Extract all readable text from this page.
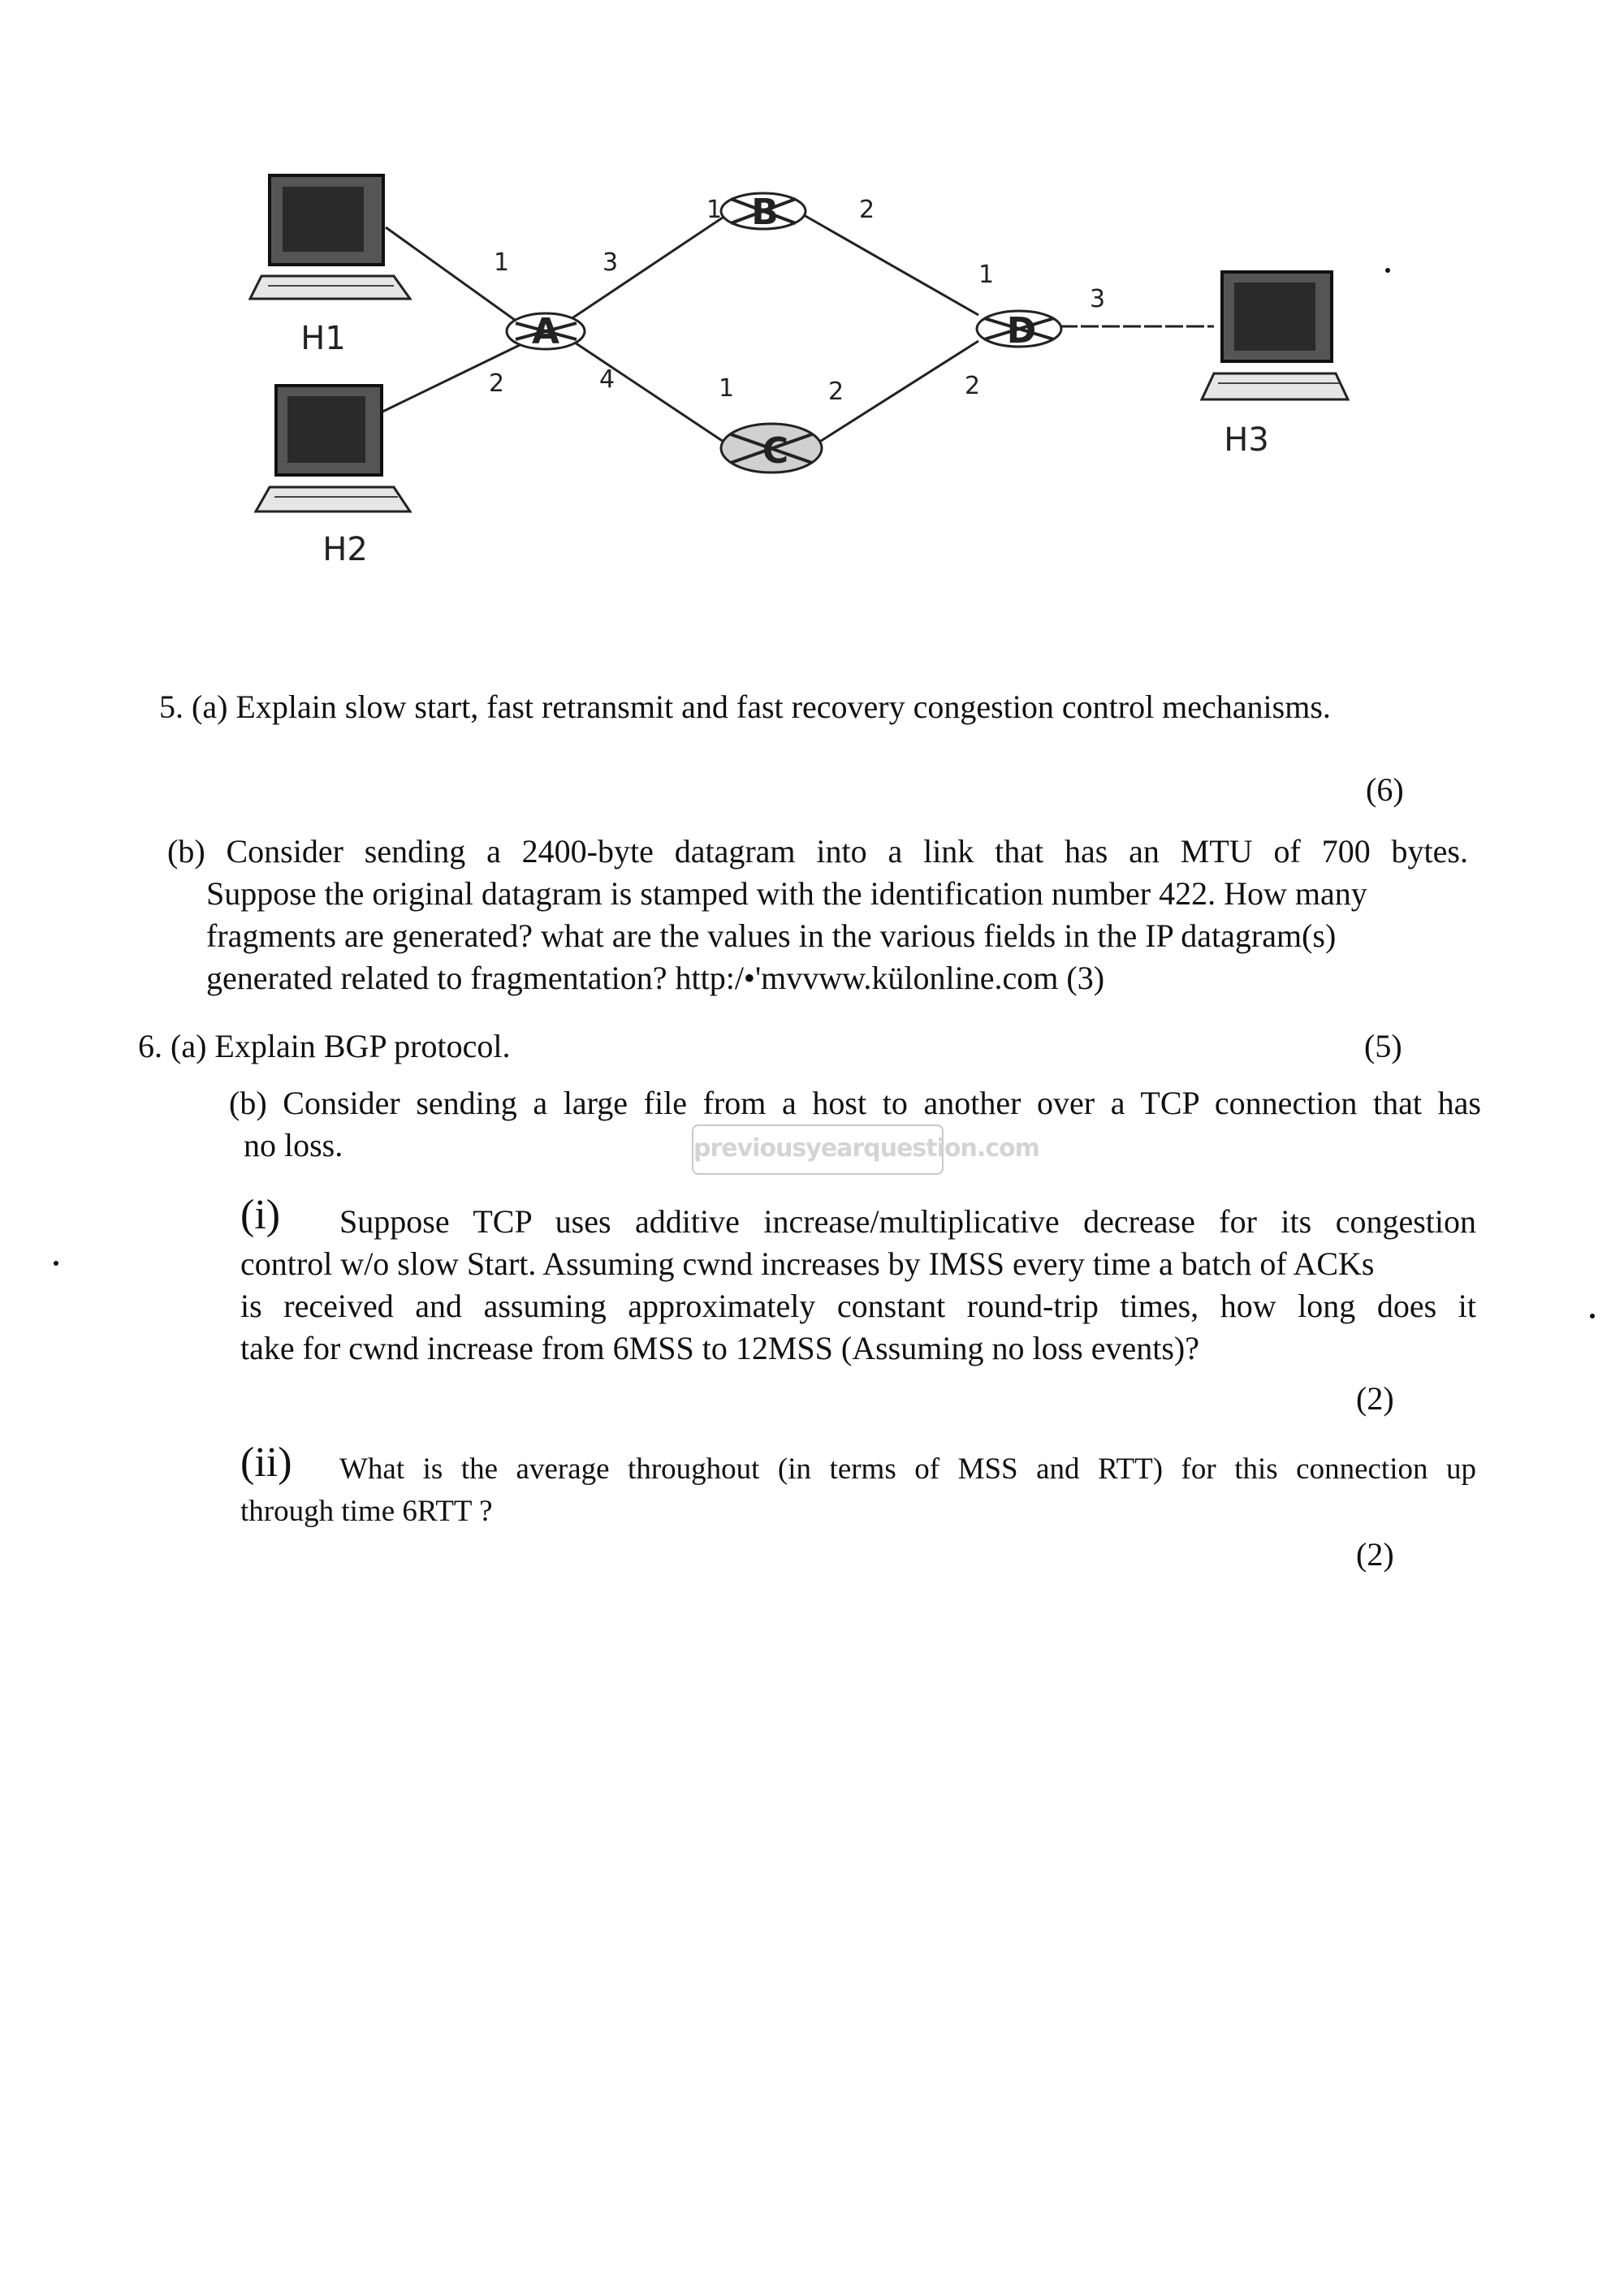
H1
H2
H3
A
B
C
D
1
2
3
4
1	2
1	2
1
2
3
5. (a) Explain slow start, fast retransmit and fast recovery congestion control mechanisms.
(6)
(b) Consider sending a 2400-byte datagram into a link that has an MTU of 700 bytes.
Suppose the original datagram is stamped with the identification number 422. How many
fragments are generated? what are the values in the various fields in the IP datagram(s)
generated related to fragmentation? http:/•'mvvww.külonline.com (3)
6. (a) Explain BGP protocol.	(5)
(b) Consider sending a large file from a host to another over a TCP connection that has
no loss.	previousyearquestion.com
(i) Suppose TCP uses additive increase/multiplicative decrease for its congestion
control w/o slow Start. Assuming cwnd increases by IMSS every time a batch of ACKs
is received and assuming approximately constant round-trip times, how long does it
take for cwnd increase from 6MSS to 12MSS (Assuming no loss events)?
(2)
(ii) What is the average throughout (in terms of MSS and RTT) for this connection up
through time 6RTT ?
(2)
